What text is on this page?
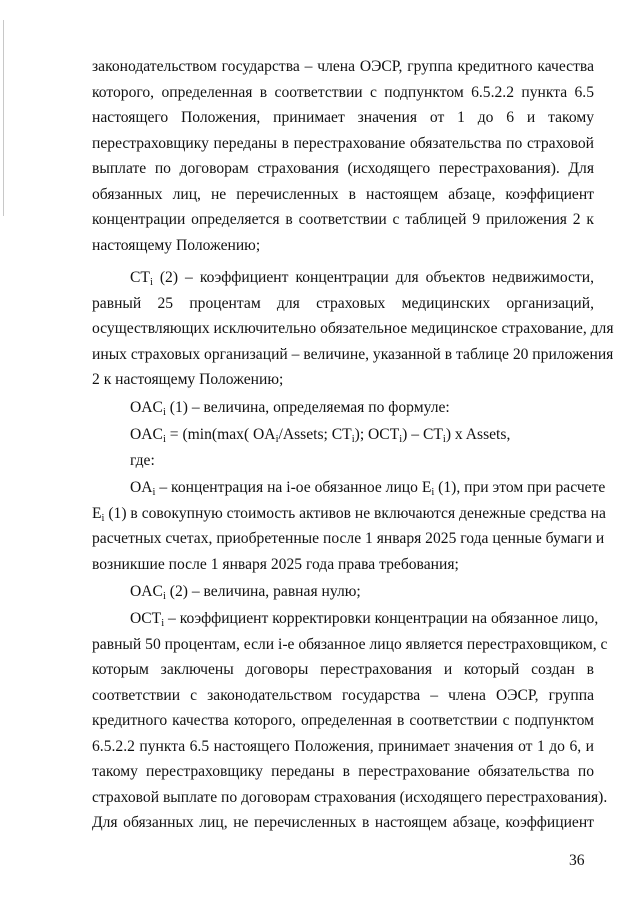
законодательством государства – члена ОЭСР, группа кредитного качества
которого, определенная в соответствии с подпунктом 6.5.2.2 пункта 6.5
настоящего Положения, принимает значения от 1 до 6 и такому
перестраховщику переданы в перестрахование обязательства по страховой
выплате по договорам страхования (исходящего перестрахования). Для
обязанных лиц, не перечисленных в настоящем абзаце, коэффициент
концентрации определяется в соответствии с таблицей 9 приложения 2 к
настоящему Положению;
$CT_i$ (2) – коэффициент концентрации для объектов недвижимости,
равный 25 процентам для страховых медицинских организаций,
осуществляющих исключительно обязательное медицинское страхование, для
иных страховых организаций – величине, указанной в таблице 20 приложения
2 к настоящему Положению;
$OAC_i$ (1) – величина, определяемая по формуле:
$OAC_i = (\min(\max$( $OA_i$/Assets; $CT_i$); $OCT_i) - CT_i$) x Assets,
где:
$OA_i$ – концентрация на i-ое обязанное лицо $E_i$ (1), при этом при расчете
$E_i$ (1) в совокупную стоимость активов не включаются денежные средства на
расчетных счетах, приобретенные после 1 января 2025 года ценные бумаги и
возникшие после 1 января 2025 года права требования;
$OAC_i$ (2) – величина, равная нулю;
$OCT_i$ – коэффициент корректировки концентрации на обязанное лицо,
равный 50 процентам, если i-е обязанное лицо является перестраховщиком, с
которым заключены договоры перестрахования и который создан в
соответствии с законодательством государства – члена ОЭСР, группа
кредитного качества которого, определенная в соответствии с подпунктом
6.5.2.2 пункта 6.5 настоящего Положения, принимает значения от 1 до 6, и
такому перестраховщику переданы в перестрахование обязательства по
страховой выплате по договорам страхования (исходящего перестрахования).
Для обязанных лиц, не перечисленных в настоящем абзаце, коэффициент
36
